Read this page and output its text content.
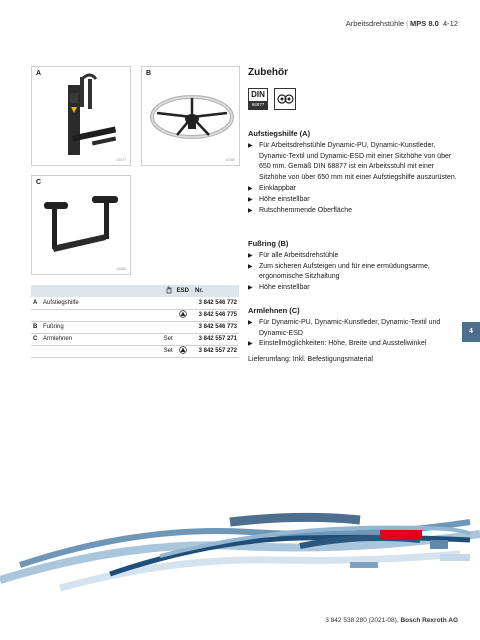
Arbeitsdrehstühle | MPS 8.0 4-12
A
10477
B
10385
C
10386
			ESD	Nr.
A	Aufstiegshilfe			3 842 546 772
				3 842 546 775
B	Fußring			3 842 546 773
C	Armlehnen	Set		3 842 557 271
		Set		3 842 557 272
Zubehör
DIN
68877
Aufstiegshilfe (A)
▶ Für Arbeitsdrehstühle Dynamic-PU, Dynamic-Kunstleder, Dynamic-Textil und Dynamic-ESD mit einer Sitzhöhe von über 650 mm. Gemäß DIN 68877 ist ein Arbeitsstuhl mit einer Sitzhöhe von über 650 mm mit einer Aufstiegshilfe auszurüsten.
▶ Einklappbar
▶ Höhe einstellbar
▶ Rutschhemmende Oberfläche
Fußring (B)
▶ Für alle Arbeitsdrehstühle
▶ Zum sicheren Aufsteigen und für eine ermüdungsarme, ergonomische Sitzhaltung
▶ Höhe einstellbar
Armlehnen (C)
▶ Für Dynamic-PU, Dynamic-Kunstleder, Dynamic-Textil und Dynamic-ESD
▶ Einstellmöglichkeiten: Höhe, Breite und Ausstellwinkel

Lieferumfang: Inkl. Befestigungsmaterial

4
3 842 538 280 (2021-08), Bosch Rexroth AG
